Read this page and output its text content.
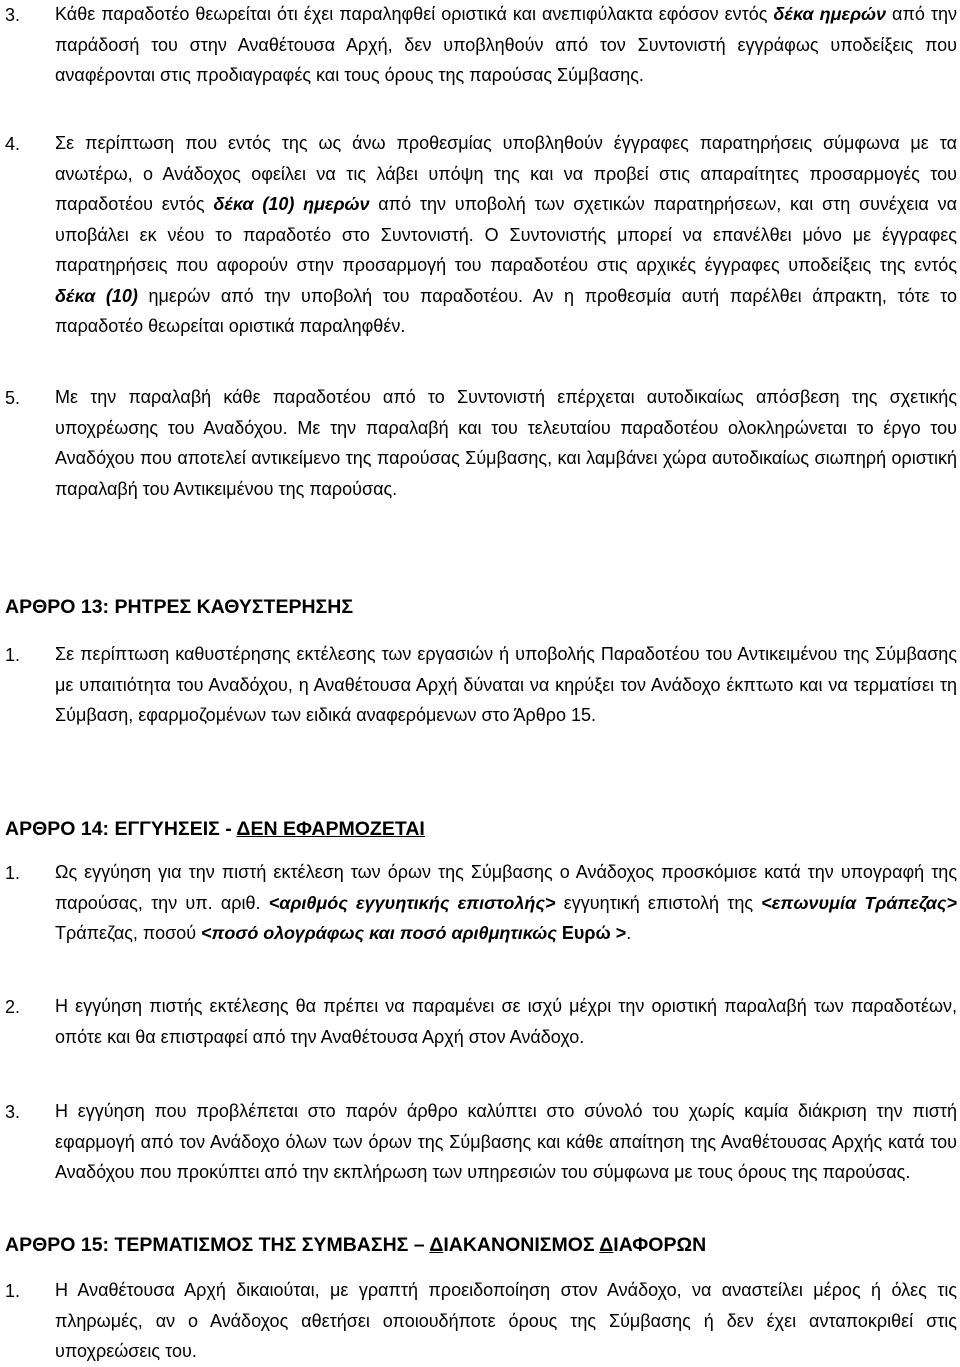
3. Κάθε παραδοτέο θεωρείται ότι έχει παραληφθεί οριστικά και ανεπιφύλακτα εφόσον εντός δέκα ημερών από την παράδοσή του στην Αναθέτουσα Αρχή, δεν υποβληθούν από τον Συντονιστή εγγράφως υποδείξεις που αναφέρονται στις προδιαγραφές και τους όρους της παρούσας Σύμβασης.

4. Σε περίπτωση που εντός της ως άνω προθεσμίας υποβληθούν έγγραφες παρατηρήσεις σύμφωνα με τα ανωτέρω, ο Ανάδοχος οφείλει να τις λάβει υπόψη της και να προβεί στις απαραίτητες προσαρμογές του παραδοτέου εντός δέκα (10) ημερών από την υποβολή των σχετικών παρατηρήσεων, και στη συνέχεια να υποβάλει εκ νέου το παραδοτέο στο Συντονιστή. Ο Συντονιστής μπορεί να επανέλθει μόνο με έγγραφες παρατηρήσεις που αφορούν στην προσαρμογή του παραδοτέου στις αρχικές έγγραφες υποδείξεις της εντός δέκα (10) ημερών από την υποβολή του παραδοτέου. Αν η προθεσμία αυτή παρέλθει άπρακτη, τότε το παραδοτέο θεωρείται οριστικά παραληφθέν.

5. Με την παραλαβή κάθε παραδοτέου από το Συντονιστή επέρχεται αυτοδικαίως απόσβεση της σχετικής υποχρέωσης του Αναδόχου. Με την παραλαβή και του τελευταίου παραδοτέου ολοκληρώνεται το έργο του Αναδόχου που αποτελεί αντικείμενο της παρούσας Σύμβασης, και λαμβάνει χώρα αυτοδικαίως σιωπηρή οριστική παραλαβή του Αντικειμένου της παρούσας.

ΑΡΘΡΟ 13: ΡΗΤΡΕΣ ΚΑΘΥΣΤΕΡΗΣΗΣ
1. Σε περίπτωση καθυστέρησης εκτέλεσης των εργασιών ή υποβολής Παραδοτέου του Αντικειμένου της Σύμβασης με υπαιτιότητα του Αναδόχου, η Αναθέτουσα Αρχή δύναται να κηρύξει τον Ανάδοχο έκπτωτο και να τερματίσει τη Σύμβαση, εφαρμοζομένων των ειδικά αναφερόμενων στο Άρθρο 15.

ΑΡΘΡΟ 14: ΕΓΓΥΗΣΕΙΣ - ΔΕΝ ΕΦΑΡΜΟΖΕΤΑΙ
1. Ως εγγύηση για την πιστή εκτέλεση των όρων της Σύμβασης ο Ανάδοχος προσκόμισε κατά την υπογραφή της παρούσας, την υπ. αριθ. <αριθμός εγγυητικής επιστολής> εγγυητική επιστολή της <επωνυμία Τράπεζας> Τράπεζας, ποσού <ποσό ολογράφως και ποσό αριθμητικώς Ευρώ >.

2. Η εγγύηση πιστής εκτέλεσης θα πρέπει να παραμένει σε ισχύ μέχρι την οριστική παραλαβή των παραδοτέων, οπότε και θα επιστραφεί από την Αναθέτουσα Αρχή στον Ανάδοχο.

3. Η εγγύηση που προβλέπεται στο παρόν άρθρο καλύπτει στο σύνολό του χωρίς καμία διάκριση την πιστή εφαρμογή από τον Ανάδοχο όλων των όρων της Σύμβασης και κάθε απαίτηση της Αναθέτουσας Αρχής κατά του Αναδόχου που προκύπτει από την εκπλήρωση των υπηρεσιών του σύμφωνα με τους όρους της παρούσας.

ΑΡΘΡΟ 15: ΤΕΡΜΑΤΙΣΜΟΣ ΤΗΣ ΣΥΜΒΑΣΗΣ – ΔΙΑΚΑΝΟΝΙΣΜΟΣ ΔΙΑΦΟΡΩΝ
1. Η Αναθέτουσα Αρχή δικαιούται, με γραπτή προειδοποίηση στον Ανάδοχο, να αναστείλει μέρος ή όλες τις πληρωμές, αν ο Ανάδοχος αθετήσει οποιουδήποτε όρους της Σύμβασης ή δεν έχει ανταποκριθεί στις υποχρεώσεις του.
